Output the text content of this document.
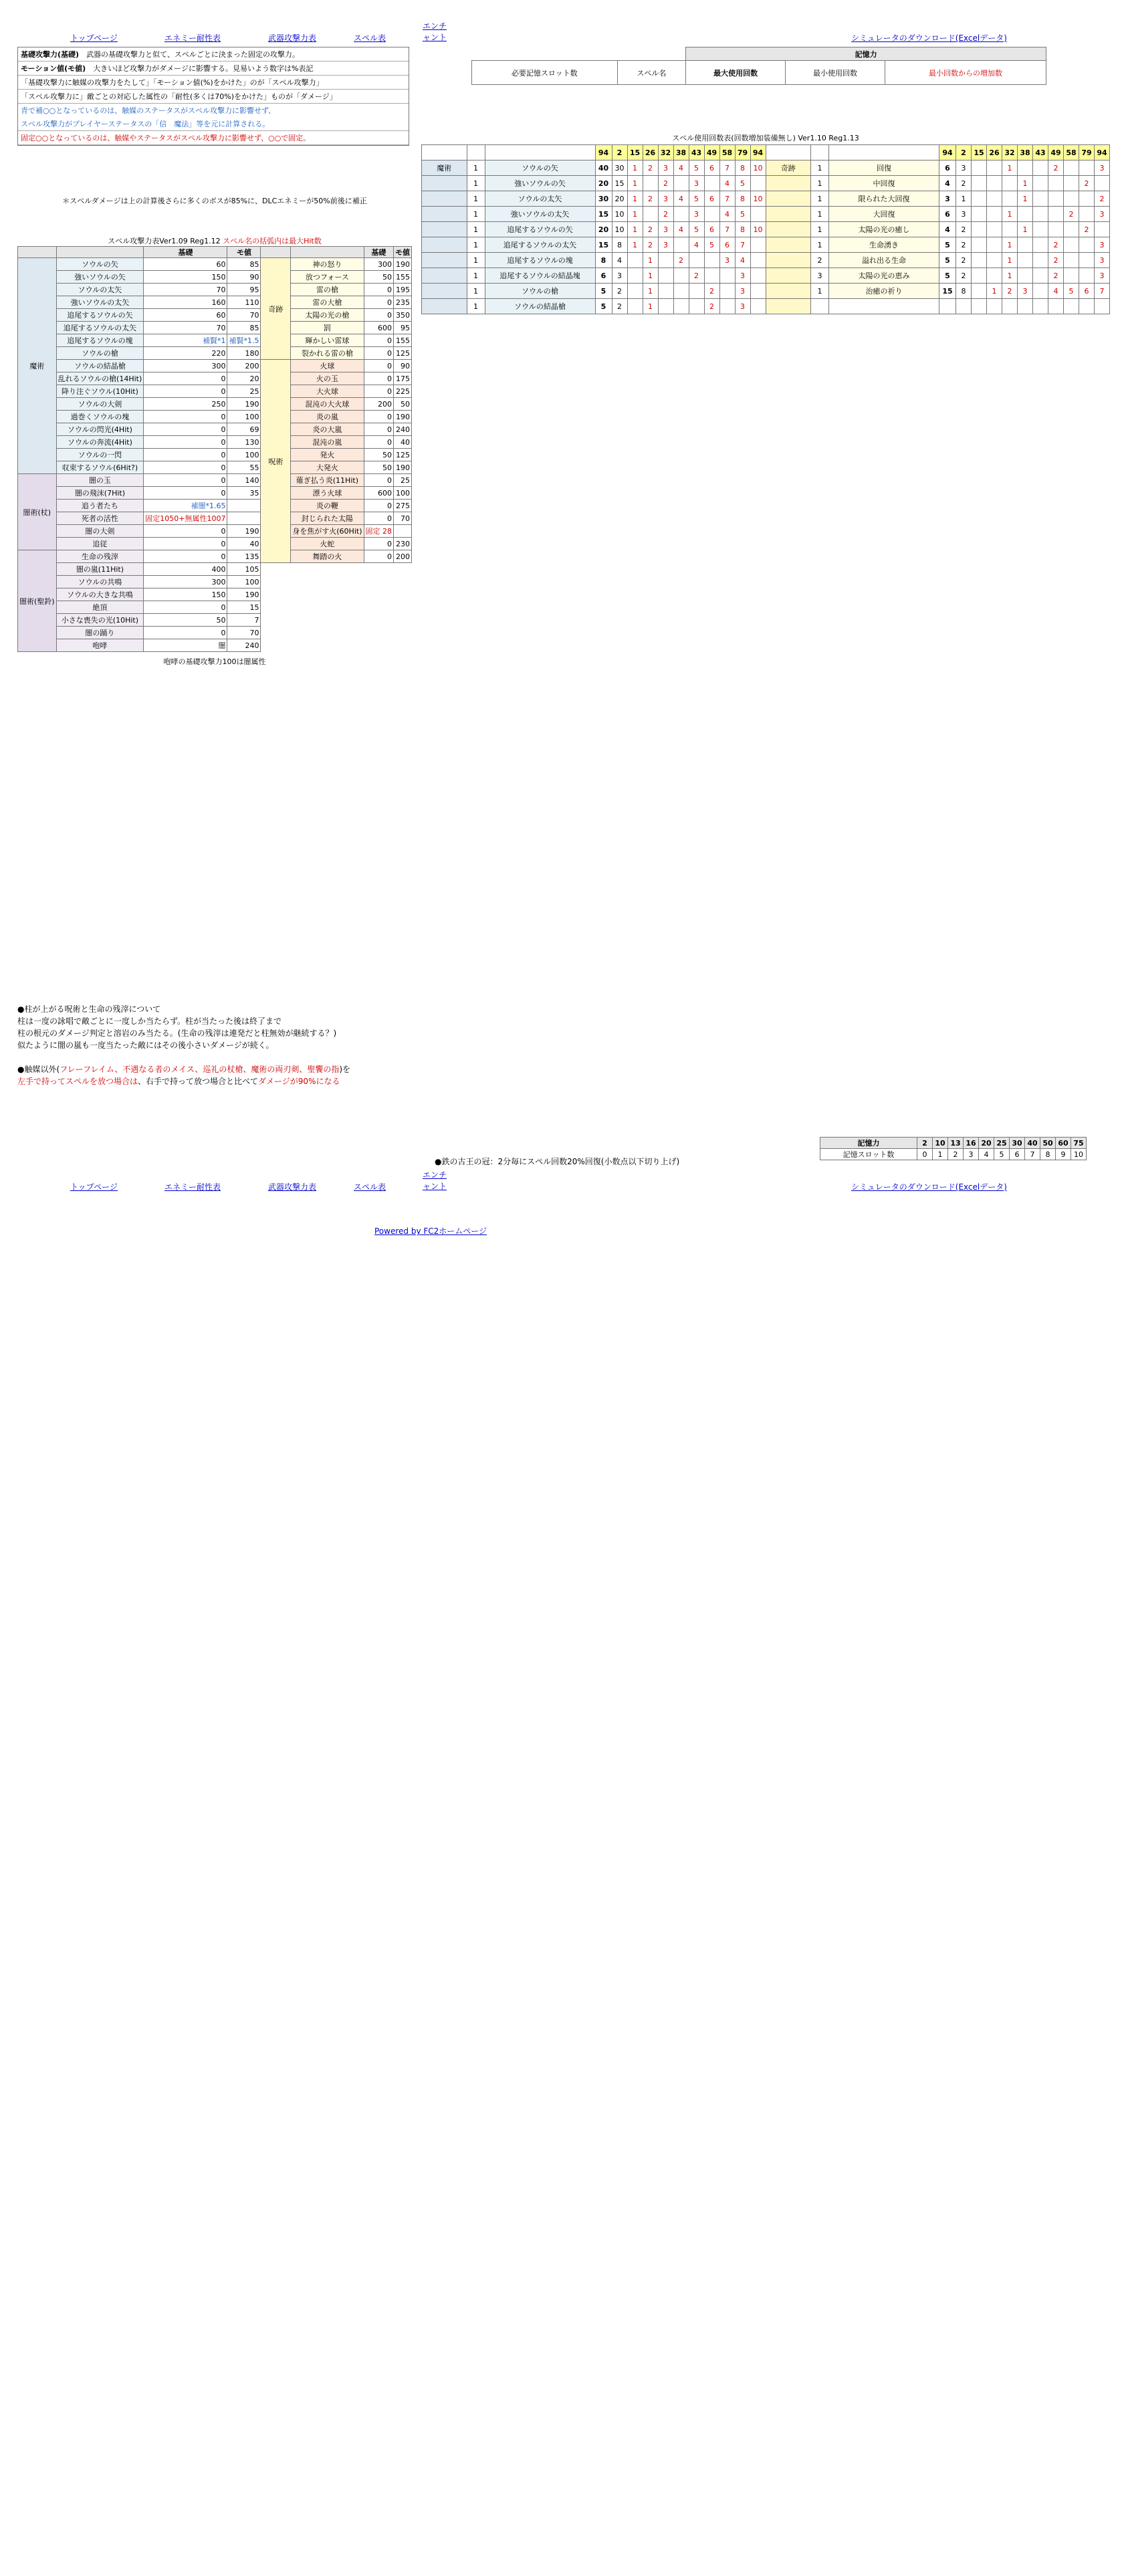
トップページ	エネミー耐性表	武器攻撃力表	スペル表
エンチャント	シミュレータのダウンロード(Excelデータ)
		記憶力		
必要記憶スロット数	スペル名	最大使用回数	最小使用回数	最小回数からの増加数
基礎攻撃力(基礎)　 武器の基礎攻撃力と似て、スペルごとに決まった固定の攻撃力。
モーション値(モ値)　 大きいほど攻撃力がダメージに影響する。見易いよう数字は%表記
「基礎攻撃力に触媒の攻撃力をたして」「モーション値(%)をかけた」のが「スペル攻撃力」
「スペル攻撃力に」敵ごとの対応した属性の「耐性(多くは70%)をかけた」ものが「ダメージ」
青で補○○となっているのは、触媒のステータスがスペル攻撃力に影響せず、
スペル攻撃力がプレイヤーステータスの「信　魔法」等を元に計算される。
固定○○となっているのは、触媒やステータスがスペル攻撃力に影響せず、○○で固定。
＊スペルダメージは上の計算後さらに多くのボスが85%に、DLCエネミーが50%前後に補正
スペル攻撃力表Ver1.09 Reg1.12 スペル名の括弧内は最大Hit数
		基礎	モ値			基礎	モ値
魔術	ソウルの矢	60	85	奇跡	神の怒り	300	190
	強いソウルの矢	150	90		放つフォース	50	155
	ソウルの太矢	70	95		雷の槍	0	195
	強いソウルの太矢	160	110		雷の大槍	0	235
	追尾するソウルの矢	60	70		太陽の光の槍	0	350
	追尾するソウルの太矢	70	85		罰	600	95
	追尾するソウルの塊	補賢*1	補賢*1.5		輝かしい雷球	0	155
	ソウルの槍	220	180		裂かれる雷の槍	0	125
	ソウルの結晶槍	300	200	呪術	火球	0	90
	乱れるソウルの槍(14Hit)	0	20		火の玉	0	175
	降り注ぐソウル(10Hit)	0	25		大火球	0	225
	ソウルの大剣	250	190		混沌の大火球	200	50
	過巻くソウルの塊	0	100		炎の嵐	0	190
	ソウルの閃光(4Hit)	0	69		炎の大嵐	0	240
	ソウルの奔流(4Hit)	0	130		混沌の嵐	0	40
	ソウルの一閃	0	100		発火	50	125
	収束するソウル(6Hit?)	0	55		大発火	50	190
闇術(杖)	闇の玉	0	140		薙ぎ払う炎(11Hit)	0	25
	闇の飛沫(7Hit)	0	35		漂う火球	600	100
	追う者たち	補闇*1.65			炎の鞭	0	275
	死者の活性	固定1050+無属性1007			封じられた太陽	0	70
	闇の大剣	0	190		身を焦がす火(60Hit)	固定 28	
	追従	0	40		火蛇	0	230
闇術(聖鈴)	生命の残滓	0	135		舞踏の火	0	200
	闇の嵐(11Hit)	400	105				
	ソウルの共鳴	300	100				
	ソウルの大きな共鳴	150	190				
	絶頂	0	15				
	小さな喪失の光(10Hit)	50	7				
	闇の踊り	0	70				
	咆哮	闇	240				
咆哮の基礎攻撃力100は闇属性
スペル使用回数表(回数増加装備無し) Ver1.10 Reg1.13
			94	2	15	26	32	38	43	49	58	79	94				94	2	15	26	32	38	43	49	58	79	94
魔術	1	ソウルの矢	40	30	1	2	3	4	5	6	7	8	10	奇跡	1	回復	6	3			1			2			3
	1	強いソウルの矢	20	15	1		2		3		4	5			1	中回復	4	2				1				2	
	1	ソウルの太矢	30	20	1	2	3	4	5	6	7	8	10		1	限られた大回復	3	1				1					2
	1	強いソウルの太矢	15	10	1		2		3		4	5			1	大回復	6	3			1				2		3
	1	追尾するソウルの矢	20	10	1	2	3	4	5	6	7	8	10		1	太陽の光の癒し	4	2				1				2	
	1	追尾するソウルの太矢	15	8	1	2	3		4	5	6	7			1	生命湧き	5	2			1			2			3
	1	追尾するソウルの塊	8	4		1		2			3	4			2	溢れ出る生命	5	2			1			2			3
	1	追尾するソウルの結晶塊	6	3		1			2			3			3	太陽の光の恵み	5	2			1			2			3
	1	ソウルの槍	5	2		1				2		3			1	治癒の祈り	15	8		1	2	3		4	5	6	7
	1	ソウルの結晶槍	5	2		1				2		3															
記憶力	2	10	13	16	20	25	30	40	50	60	75
記憶スロット数	0	1	2	3	4	5	6	7	8	9	10
●鉄の古王の冠：2分毎にスペル回数20%回復(小数点以下切り上げ)
●柱が上がる呪術と生命の残滓について
柱は一度の詠唱で敵ごとに一度しか当たらず。柱が当たった後は終了まで
柱の根元のダメージ判定と溶岩のみ当たる。(生命の残滓は連発だと柱無効が継続する？)
似たように闇の嵐も一度当たった敵にはその後小さいダメージが続く。
●触媒以外(フレーフレイム、不遇なる者のメイス、巡礼の杖槍、魔術の両刃剣、聖饗の指)を
左手で持ってスペルを放つ場合は、右手で持って放つ場合と比べてダメージが90%になる
トップページ	エネミー耐性表	武器攻撃力表	スペル表
エンチャント	シミュレータのダウンロード(Excelデータ)
Powered by FC2ホームページ
